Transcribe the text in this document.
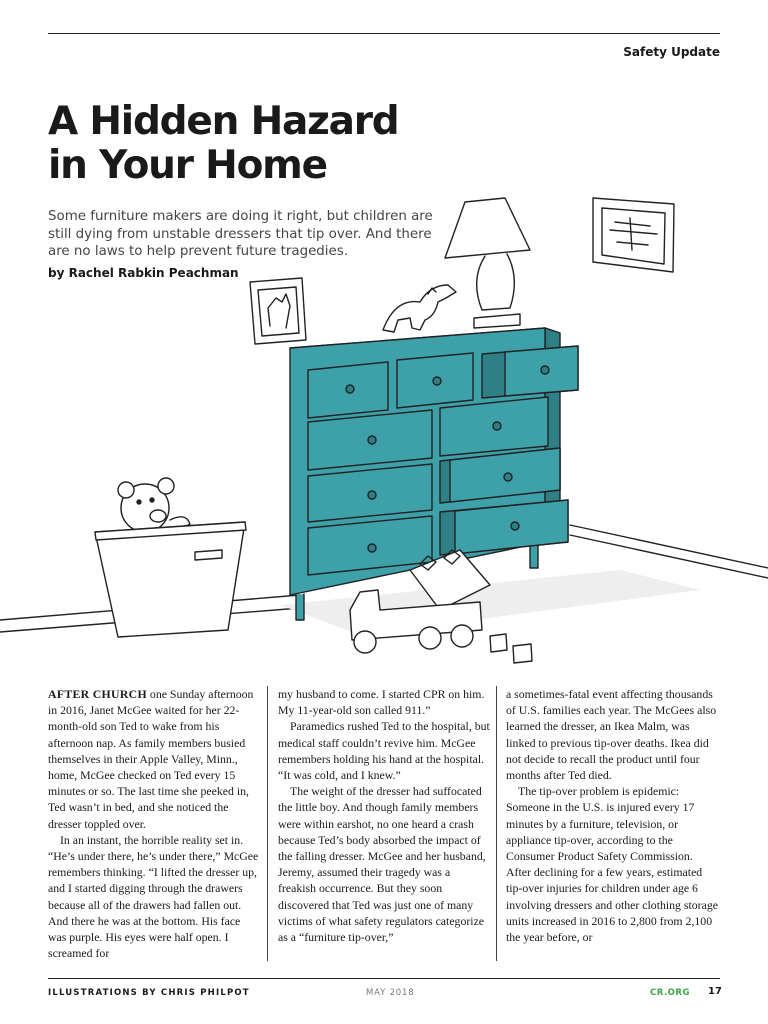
Safety Update
A Hidden Hazard
in Your Home
Some furniture makers are doing it right, but children are still dying from unstable dressers that tip over. And there are no laws to help prevent future tragedies.
by Rachel Rabkin Peachman

AFTER CHURCH one Sunday afternoon in 2016, Janet McGee waited for her 22-month-old son Ted to wake from his afternoon nap. As family members busied themselves in their Apple Valley, Minn., home, McGee checked on Ted every 15 minutes or so. The last time she peeked in, Ted wasn’t in bed, and she noticed the dresser toppled over.

In an instant, the horrible reality set in. “He’s under there, he’s under there,” McGee remembers thinking. “I lifted the dresser up, and I started digging through the drawers because all of the drawers had fallen out. And there he was at the bottom. His face was purple. His eyes were half open. I screamed for

my husband to come. I started CPR on him. My 11-year-old son called 911.”

Paramedics rushed Ted to the hospital, but medical staff couldn’t revive him. McGee remembers holding his hand at the hospital. “It was cold, and I knew.”

The weight of the dresser had suffocated the little boy. And though family members were within earshot, no one heard a crash because Ted’s body absorbed the impact of the falling dresser. McGee and her husband, Jeremy, assumed their tragedy was a freakish occurrence. But they soon discovered that Ted was just one of many victims of what safety regulators categorize as a “furniture tip-over,”

a sometimes-fatal event affecting thousands of U.S. families each year. The McGees also learned the dresser, an Ikea Malm, was linked to previous tip-over deaths. Ikea did not decide to recall the product until four months after Ted died.

The tip-over problem is epidemic: Someone in the U.S. is injured every 17 minutes by a furniture, television, or appliance tip-over, according to the Consumer Product Safety Commission. After declining for a few years, estimated tip-over injuries for children under age 6 involving dressers and other clothing storage units increased in 2016 to 2,800 from 2,100 the year before, or

ILLUSTRATIONS BY CHRIS PHILPOT	MAY 2018	CR.ORG 17
